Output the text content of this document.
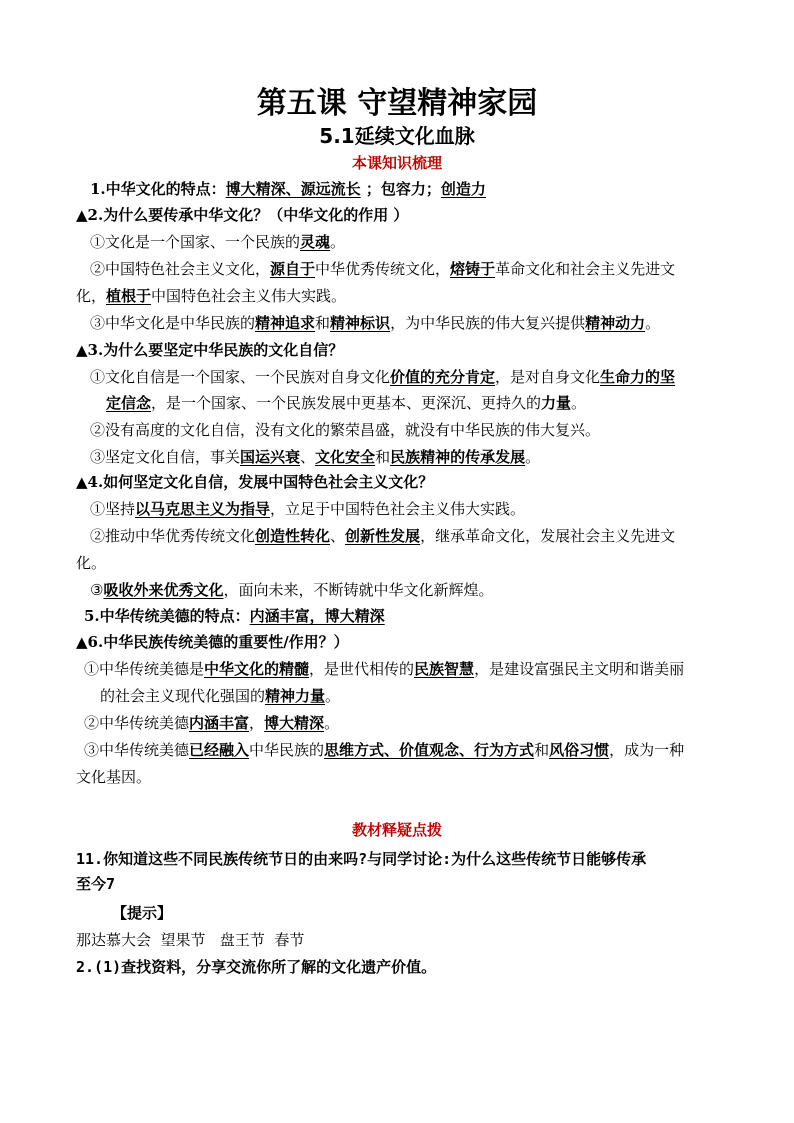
第五课 守望精神家园
5.1延续文化血脉
本课知识梳理
1.中华文化的特点：博大精深、源远流长 ；包容力；创造力
▲2.为什么要传承中华文化？（中华文化的作用 ）
①文化是一个国家、一个民族的灵魂。
②中国特色社会主义文化，源自于中华优秀传统文化，熔铸于革命文化和社会主义先进文
化，植根于中国特色社会主义伟大实践。
③中华文化是中华民族的精神追求和精神标识，为中华民族的伟大复兴提供精神动力。
▲3.为什么要坚定中华民族的文化自信？
①文化自信是一个国家、一个民族对自身文化价值的充分肯定，是对自身文化生命力的坚
定信念，是一个国家、一个民族发展中更基本、更深沉、更持久的力量。
②没有高度的文化自信，没有文化的繁荣昌盛，就没有中华民族的伟大复兴。
③坚定文化自信，事关国运兴衰、文化安全和民族精神的传承发展。
▲4.如何坚定文化自信，发展中国特色社会主义文化？
①坚持以马克思主义为指导，立足于中国特色社会主义伟大实践。
②推动中华优秀传统文化创造性转化、创新性发展，继承革命文化，发展社会主义先进文
化。
③吸收外来优秀文化，面向未来，不断铸就中华文化新辉煌。
5.中华传统美德的特点：内涵丰富，博大精深
▲6.中华民族传统美德的重要性/作用？）
①中华传统美德是中华文化的精髓，是世代相传的民族智慧，是建设富强民主文明和谐美丽
的社会主义现代化强国的精神力量。
②中华传统美德内涵丰富，博大精深。
③中华传统美德已经融入中华民族的思维方式、价值观念、行为方式和风俗习惯，成为一种
文化基因。
教材释疑点拨
11.你知道这些不同民族传统节日的由来吗?与同学讨论:为什么这些传统节日能够传承
至今7
【提示】
那达慕大会  望果节   盘王节  春节
2.(1)查找资料，分享交流你所了解的文化遗产价值。
